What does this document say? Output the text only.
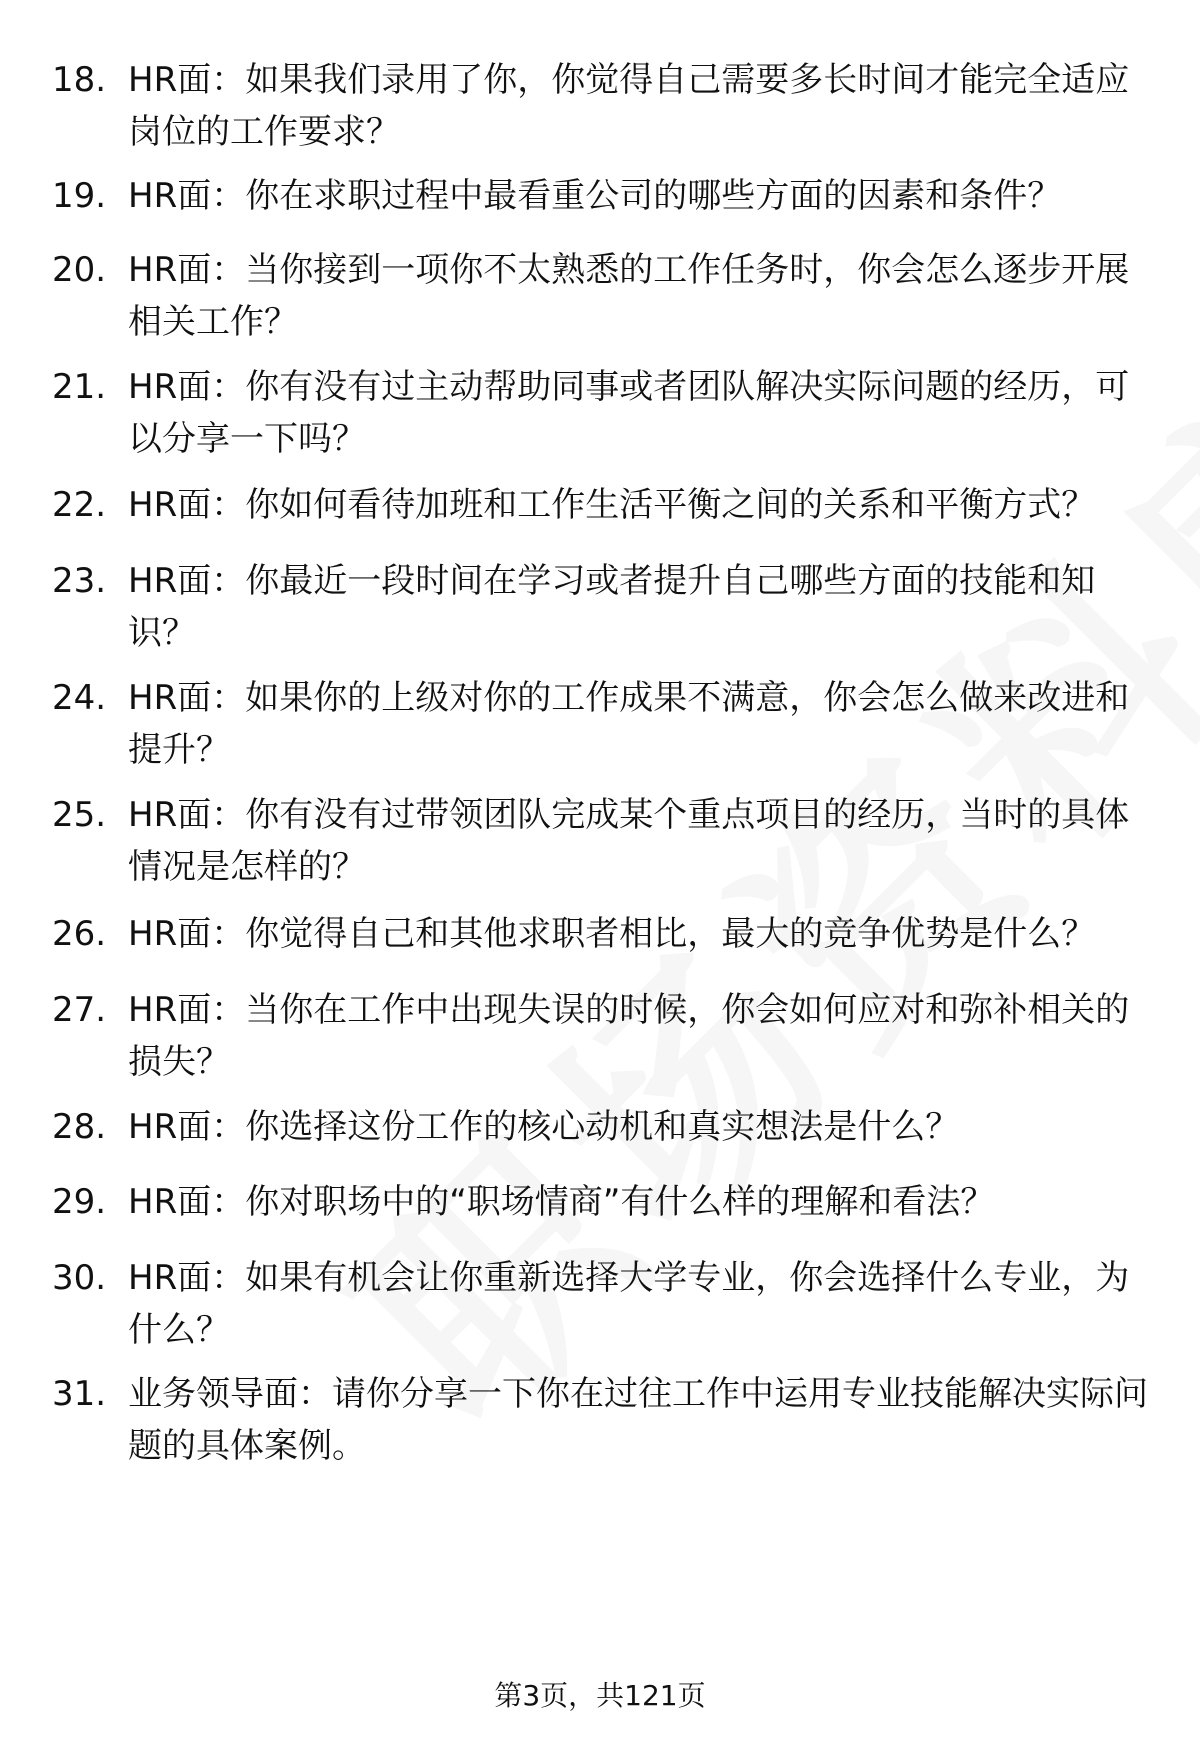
18. HR面：如果我们录用了你，你觉得自己需要多长时间才能完全适应岗位的工作要求？
19. HR面：你在求职过程中最看重公司的哪些方面的因素和条件？
20. HR面：当你接到一项你不太熟悉的工作任务时，你会怎么逐步开展相关工作？
21. HR面：你有没有过主动帮助同事或者团队解决实际问题的经历，可以分享一下吗？
22. HR面：你如何看待加班和工作生活平衡之间的关系和平衡方式？
23. HR面：你最近一段时间在学习或者提升自己哪些方面的技能和知识？
24. HR面：如果你的上级对你的工作成果不满意，你会怎么做来改进和提升？
25. HR面：你有没有过带领团队完成某个重点项目的经历，当时的具体情况是怎样的？
26. HR面：你觉得自己和其他求职者相比，最大的竞争优势是什么？
27. HR面：当你在工作中出现失误的时候，你会如何应对和弥补相关的损失？
28. HR面：你选择这份工作的核心动机和真实想法是什么？
29. HR面：你对职场中的“职场情商”有什么样的理解和看法？
30. HR面：如果有机会让你重新选择大学专业，你会选择什么专业，为什么？
31. 业务领导面：请你分享一下你在过往工作中运用专业技能解决实际问题的具体案例。
第3页，共121页
